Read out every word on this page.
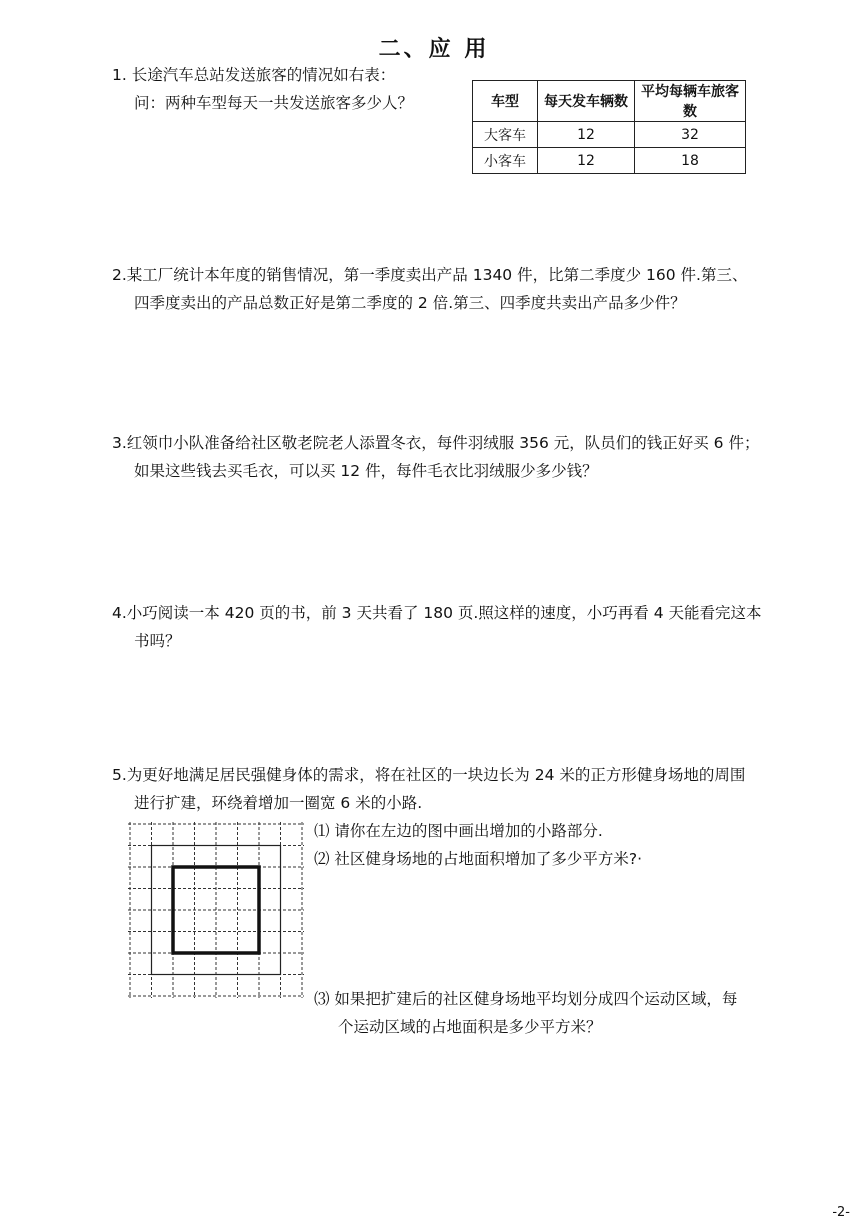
二、应 用
1. 长途汽车总站发送旅客的情况如右表：
问：两种车型每天一共发送旅客多少人？	车型	每天发车辆数	平均每辆车旅客数
大客车	12	32
小客车	12	18
2.某工厂统计本年度的销售情况，第一季度卖出产品 1340 件，比第二季度少 160 件.第三、
四季度卖出的产品总数正好是第二季度的 2 倍.第三、四季度共卖出产品多少件？
3.红领巾小队准备给社区敬老院老人添置冬衣，每件羽绒服 356 元，队员们的钱正好买 6 件；
如果这些钱去买毛衣，可以买 12 件，每件毛衣比羽绒服少多少钱？
4.小巧阅读一本 420 页的书，前 3 天共看了 180 页.照这样的速度，小巧再看 4 天能看完这本
书吗？
5.为更好地满足居民强健身体的需求，将在社区的一块边长为 24 米的正方形健身场地的周围
进行扩建，环绕着增加一圈宽 6 米的小路.
⑴ 请你在左边的图中画出增加的小路部分.
⑵ 社区健身场地的占地面积增加了多少平方米?·
⑶ 如果把扩建后的社区健身场地平均划分成四个运动区域，每
个运动区域的占地面积是多少平方米？
-2-
